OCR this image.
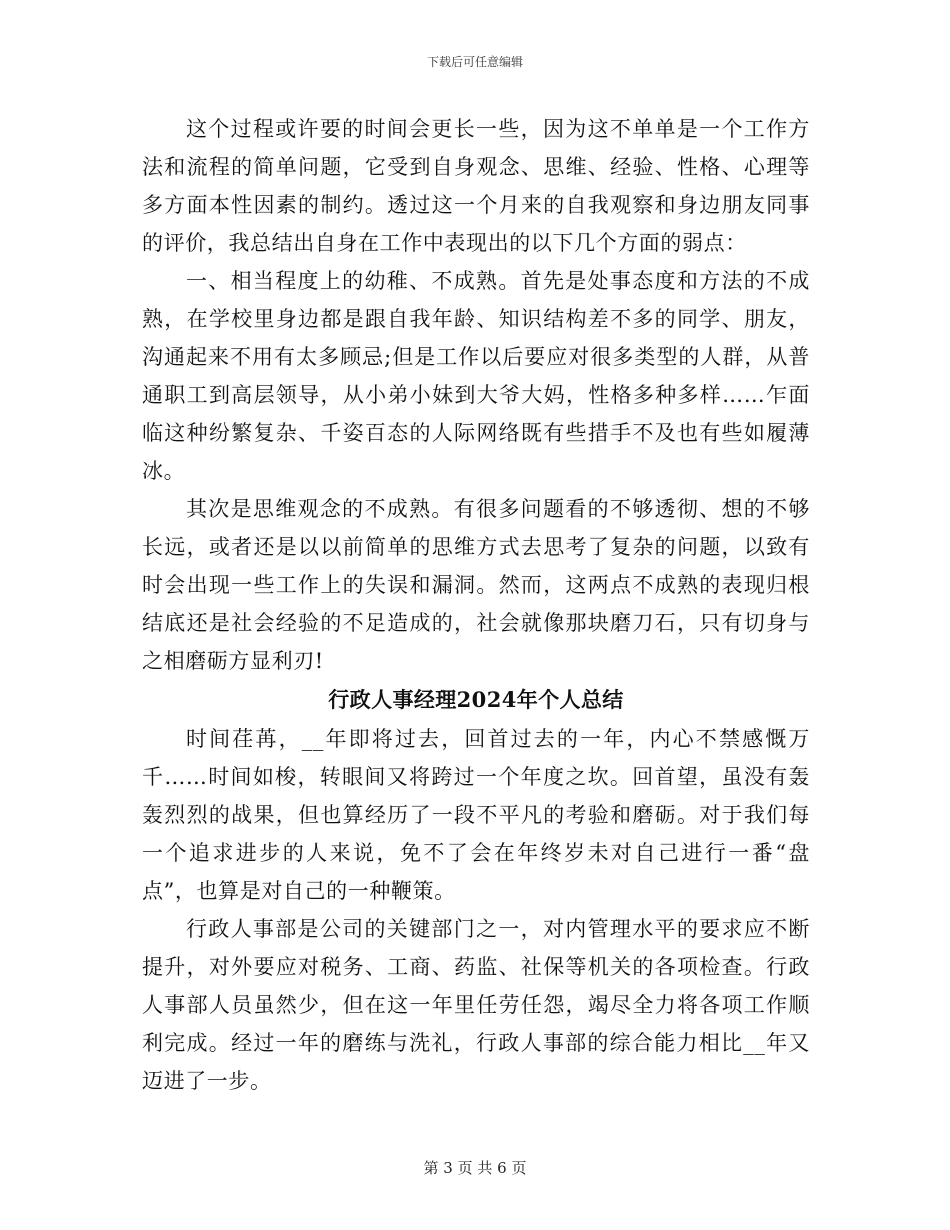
下载后可任意编辑

这个过程或许要的时间会更长一些，因为这不单单是一个工作方法和流程的简单问题，它受到自身观念、思维、经验、性格、心理等多方面本性因素的制约。透过这一个月来的自我观察和身边朋友同事的评价，我总结出自身在工作中表现出的以下几个方面的弱点：

一、相当程度上的幼稚、不成熟。首先是处事态度和方法的不成熟，在学校里身边都是跟自我年龄、知识结构差不多的同学、朋友，沟通起来不用有太多顾忌;但是工作以后要应对很多类型的人群，从普通职工到高层领导，从小弟小妹到大爷大妈，性格多种多样……乍面临这种纷繁复杂、千姿百态的人际网络既有些措手不及也有些如履薄冰。

其次是思维观念的不成熟。有很多问题看的不够透彻、想的不够长远，或者还是以以前简单的思维方式去思考了复杂的问题，以致有时会出现一些工作上的失误和漏洞。然而，这两点不成熟的表现归根结底还是社会经验的不足造成的，社会就像那块磨刀石，只有切身与之相磨砺方显利刃!

行政人事经理2024年个人总结

时间荏苒，__年即将过去，回首过去的一年，内心不禁感慨万千……时间如梭，转眼间又将跨过一个年度之坎。回首望，虽没有轰轰烈烈的战果，但也算经历了一段不平凡的考验和磨砺。对于我们每一个追求进步的人来说，免不了会在年终岁未对自己进行一番“盘点”，也算是对自己的一种鞭策。

行政人事部是公司的关键部门之一，对内管理水平的要求应不断提升，对外要应对税务、工商、药监、社保等机关的各项检查。行政人事部人员虽然少，但在这一年里任劳任怨，竭尽全力将各项工作顺利完成。经过一年的磨练与洗礼，行政人事部的综合能力相比__年又迈进了一步。

第 3 页 共 6 页
